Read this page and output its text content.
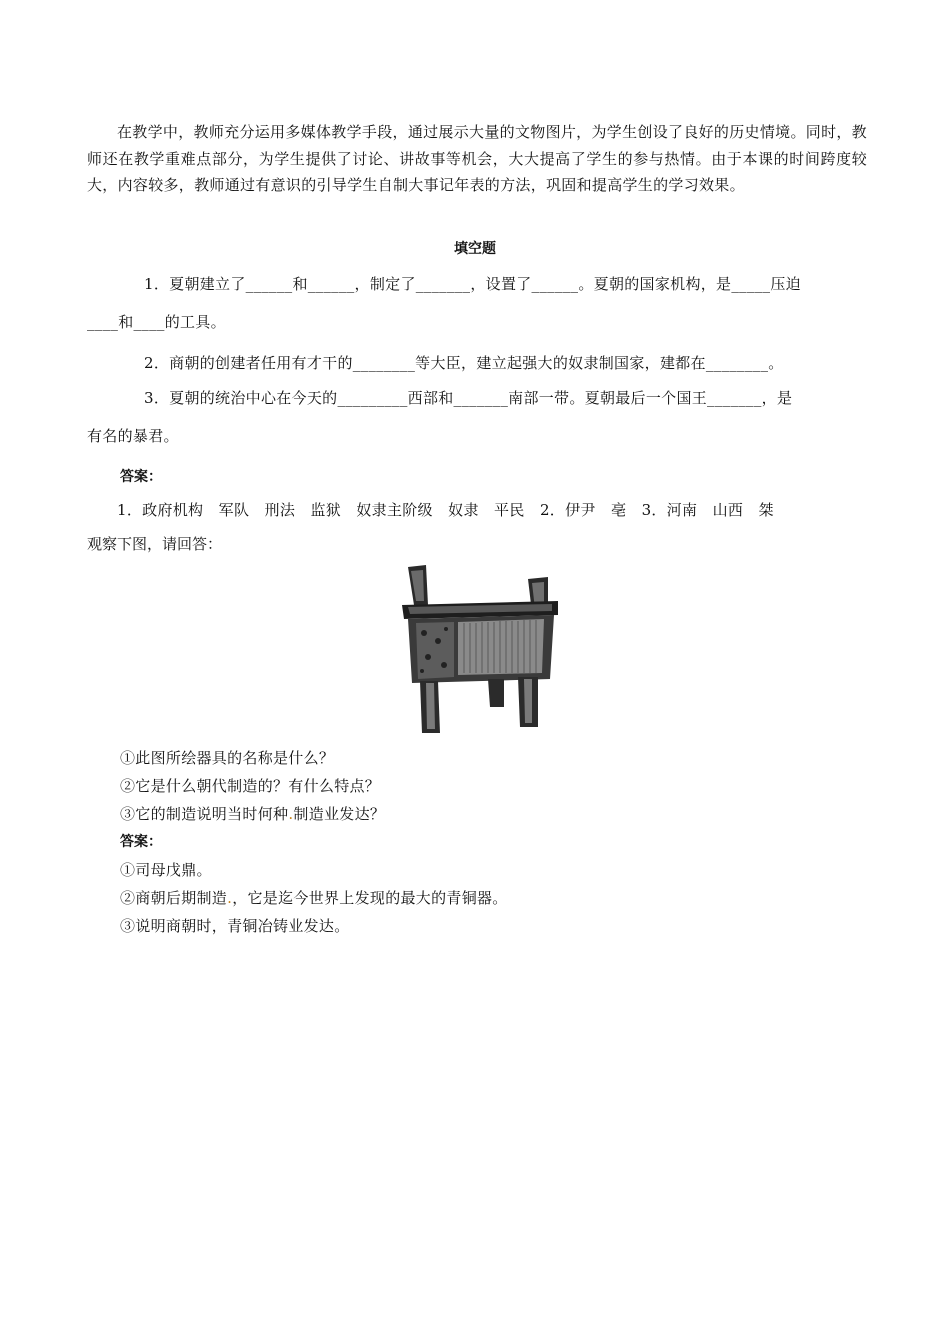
在教学中，教师充分运用多媒体教学手段，通过展示大量的文物图片，为学生创设了良好的历史情境。同时，教师还在教学重难点部分，为学生提供了讨论、讲故事等机会，大大提高了学生的参与热情。由于本课的时间跨度较大，内容较多，教师通过有意识的引导学生自制大事记年表的方法，巩固和提高学生的学习效果。

填空题
1．夏朝建立了______和______，制定了_______，设置了______。夏朝的国家机构，是_____压迫
____和____的工具。
2．商朝的创建者任用有才干的________等大臣，建立起强大的奴隶制国家，建都在________。
3．夏朝的统治中心在今天的_________西部和_______南部一带。夏朝最后一个国王_______，是
有名的暴君。
答案：
1．政府机构　军队　刑法　监狱　奴隶主阶级　奴隶　平民　2．伊尹　亳　3．河南　山西　桀
观察下图，请回答：
①此图所绘器具的名称是什么？
②它是什么朝代制造的？有什么特点？
③它的制造说明当时何种.制造业发达？
答案：
①司母戊鼎。
②商朝后期制造.，它是迄今世界上发现的最大的青铜器。
③说明商朝时，青铜冶铸业发达。
